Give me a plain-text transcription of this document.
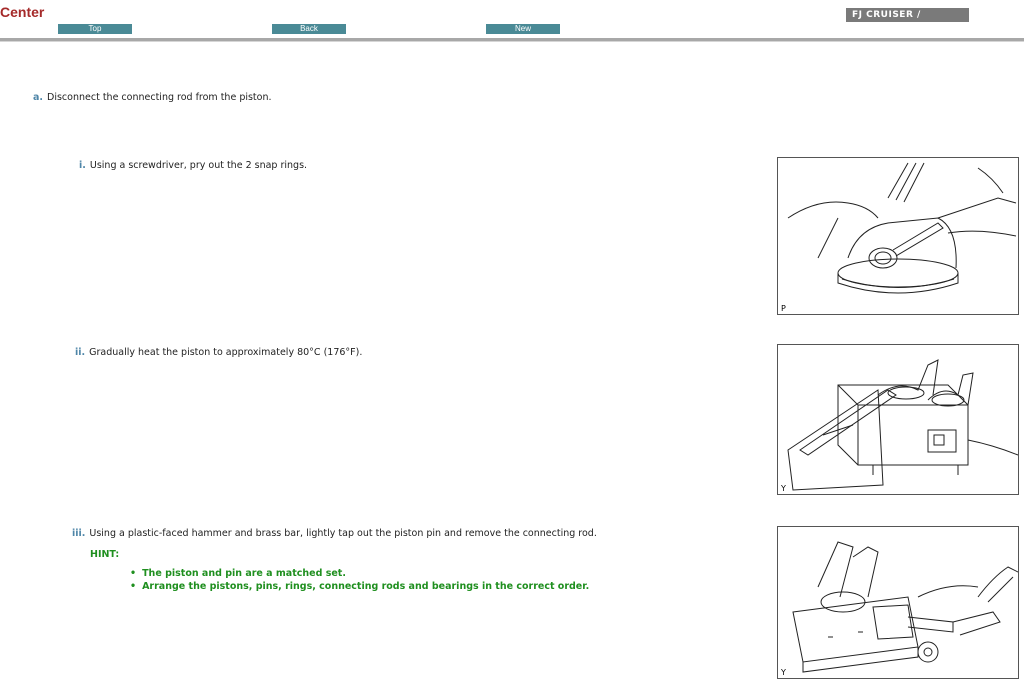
Center
Top	Back	New
FJ CRUISER /
a. Disconnect the connecting rod from the piston.
i. Using a screwdriver, pry out the 2 snap rings.
ii. Gradually heat the piston to approximately 80°C (176°F).
iii. Using a plastic-faced hammer and brass bar, lightly tap out the piston pin and remove the connecting rod.
HINT:
• The piston and pin are a matched set.
• Arrange the pistons, pins, rings, connecting rods and bearings in the correct order.
P
Y
Y
